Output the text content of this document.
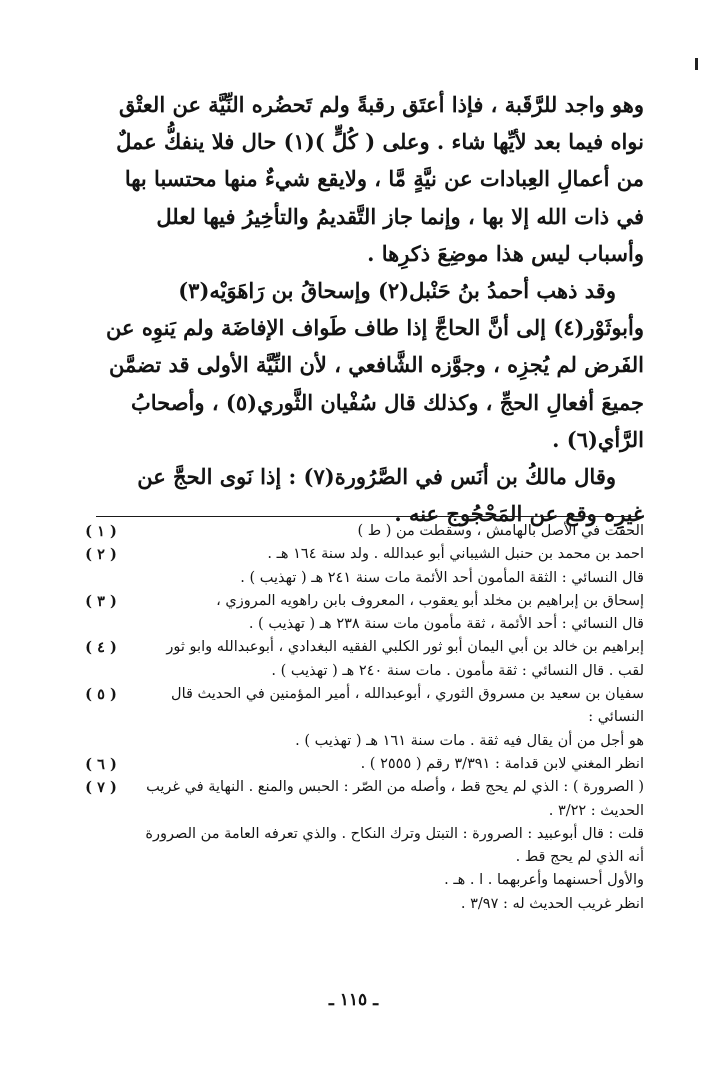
وهو واجد للرَّقَبة ، فإذا أعتَق رقبةً ولم تَحضُره النِّيَّة عن العتْق نواه فيما بعد لأيِّها شاء . وعلى ( كُلٍّ )(١) حال فلا ينفكُّ عملٌ من أعمالِ العِبادات عن نيَّةٍ مَّا ، ولايقع شيءٌ منها محتسبا بها في ذات الله إلا بها ، وإنما جاز التَّقديمُ والتأخِيرُ فيها لعلل وأسباب ليس هذا موضِعَ ذكرِها .

وقد ذهب أحمدُ بنُ حَنْبل(٢) وإسحاقُ بن رَاهَوَيْه(٣) وأبوثَوْر(٤) إلى أنَّ الحاجَّ إذا طاف طَواف الإفاضَة ولم يَنوِه عن الفَرض لم يُجزِه ، وجوَّزه الشَّافعي ، لأن النِّيَّة الأولى قد تضمَّن جميعَ أفعالِ الحجِّ ، وكذلك قال سُفْيان الثَّوري(٥) ، وأصحابُ الرَّأي(٦) .

وقال مالكُ بن أنَس في الصَّرُورة(٧) : إذا نَوى الحجَّ عن غيرِه وقع عن المَحْجُوج عنه .

الحقت في الأصل بالهامش ، وسقطت من ( ط )
( ١ )
احمد بن محمد بن حنبل الشيباني أبو عبدالله . ولد سنة ١٦٤ هـ .
قال النسائي : الثقة المأمون أحد الأئمة مات سنة ٢٤١ هـ ( تهذيب ) .
( ٢ )
إسحاق بن إبراهيم بن مخلد أبو يعقوب ، المعروف بابن راهويه المروزي ،
قال النسائي : أحد الأئمة ، ثقة مأمون مات سنة ٢٣٨ هـ ( تهذيب ) .
( ٣ )
إبراهيم بن خالد بن أبي اليمان أبو ثور الكلبي الفقيه البغدادي ، أبوعبدالله وابو ثور
لقب . قال النسائي : ثقة مأمون . مات سنة ٢٤٠ هـ ( تهذيب ) .
( ٤ )
سفيان بن سعيد بن مسروق الثوري ، أبوعبدالله ، أمير المؤمنين في الحديث قال النسائي :
هو أجل من أن يقال فيه ثقة . مات سنة ١٦١ هـ ( تهذيب ) .
( ٥ )
انظر المغني لابن قدامة : ٣/٣٩١ رقم ( ٢٥٥٥ ) .
( ٦ )
( الصرورة ) : الذي لم يحج قط ، وأصله من الصّر : الحبس والمنع . النهاية في غريب الحديث : ٣/٢٢ .
قلت : قال أبوعبيد : الصرورة : التبتل وترك النكاح . والذي تعرفه العامة من الصرورة أنه الذي لم يحج قط .
والأول أحسنهما وأعربهما . ا . هـ .
انظر غريب الحديث له : ٣/٩٧ .
( ٧ )
ـ ١١٥ ـ
